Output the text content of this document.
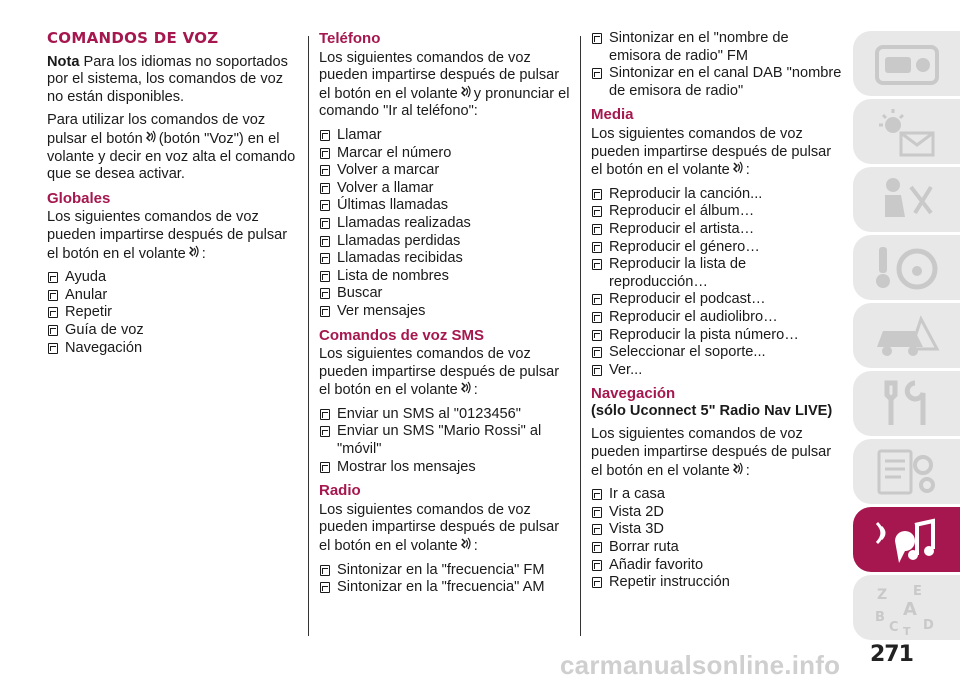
COMANDOS DE VOZ

Nota Para los idiomas no soportados por el sistema, los comandos de voz no están disponibles.

Para utilizar los comandos de voz pulsar el botón (botón "Voz") en el volante y decir en voz alta el comando que se desea activar.

Globales

Los siguientes comandos de voz pueden impartirse después de pulsar el botón en el volante :

Ayuda
Anular
Repetir
Guía de voz
Navegación
Teléfono

Los siguientes comandos de voz pueden impartirse después de pulsar el botón en el volante y pronunciar el comando "Ir al teléfono":

Llamar
Marcar el número
Volver a marcar
Volver a llamar
Últimas llamadas
Llamadas realizadas
Llamadas perdidas
Llamadas recibidas
Lista de nombres
Buscar
Ver mensajes
Comandos de voz SMS

Los siguientes comandos de voz pueden impartirse después de pulsar el botón en el volante :

Enviar un SMS al "0123456"
Enviar un SMS "Mario Rossi" al "móvil"
Mostrar los mensajes
Radio

Los siguientes comandos de voz pueden impartirse después de pulsar el botón en el volante :

Sintonizar en la "frecuencia" FM
Sintonizar en la "frecuencia" AM
Sintonizar en el "nombre de emisora de radio" FM
Sintonizar en el canal DAB "nombre de emisora de radio"
Media

Los siguientes comandos de voz pueden impartirse después de pulsar el botón en el volante :

Reproducir la canción...
Reproducir el álbum…
Reproducir el artista…
Reproducir el género…
Reproducir la lista de reproducción…
Reproducir el podcast…
Reproducir el audiolibro…
Reproducir la pista número…
Seleccionar el soporte...
Ver...
Navegación
(sólo Uconnect 5" Radio Nav LIVE)

Los siguientes comandos de voz pueden impartirse después de pulsar el botón en el volante :

Ir a casa
Vista 2D
Vista 3D
Borrar ruta
Añadir favorito
Repetir instrucción
Z E
A
B
C D
T
271
carmanualsonline.info
